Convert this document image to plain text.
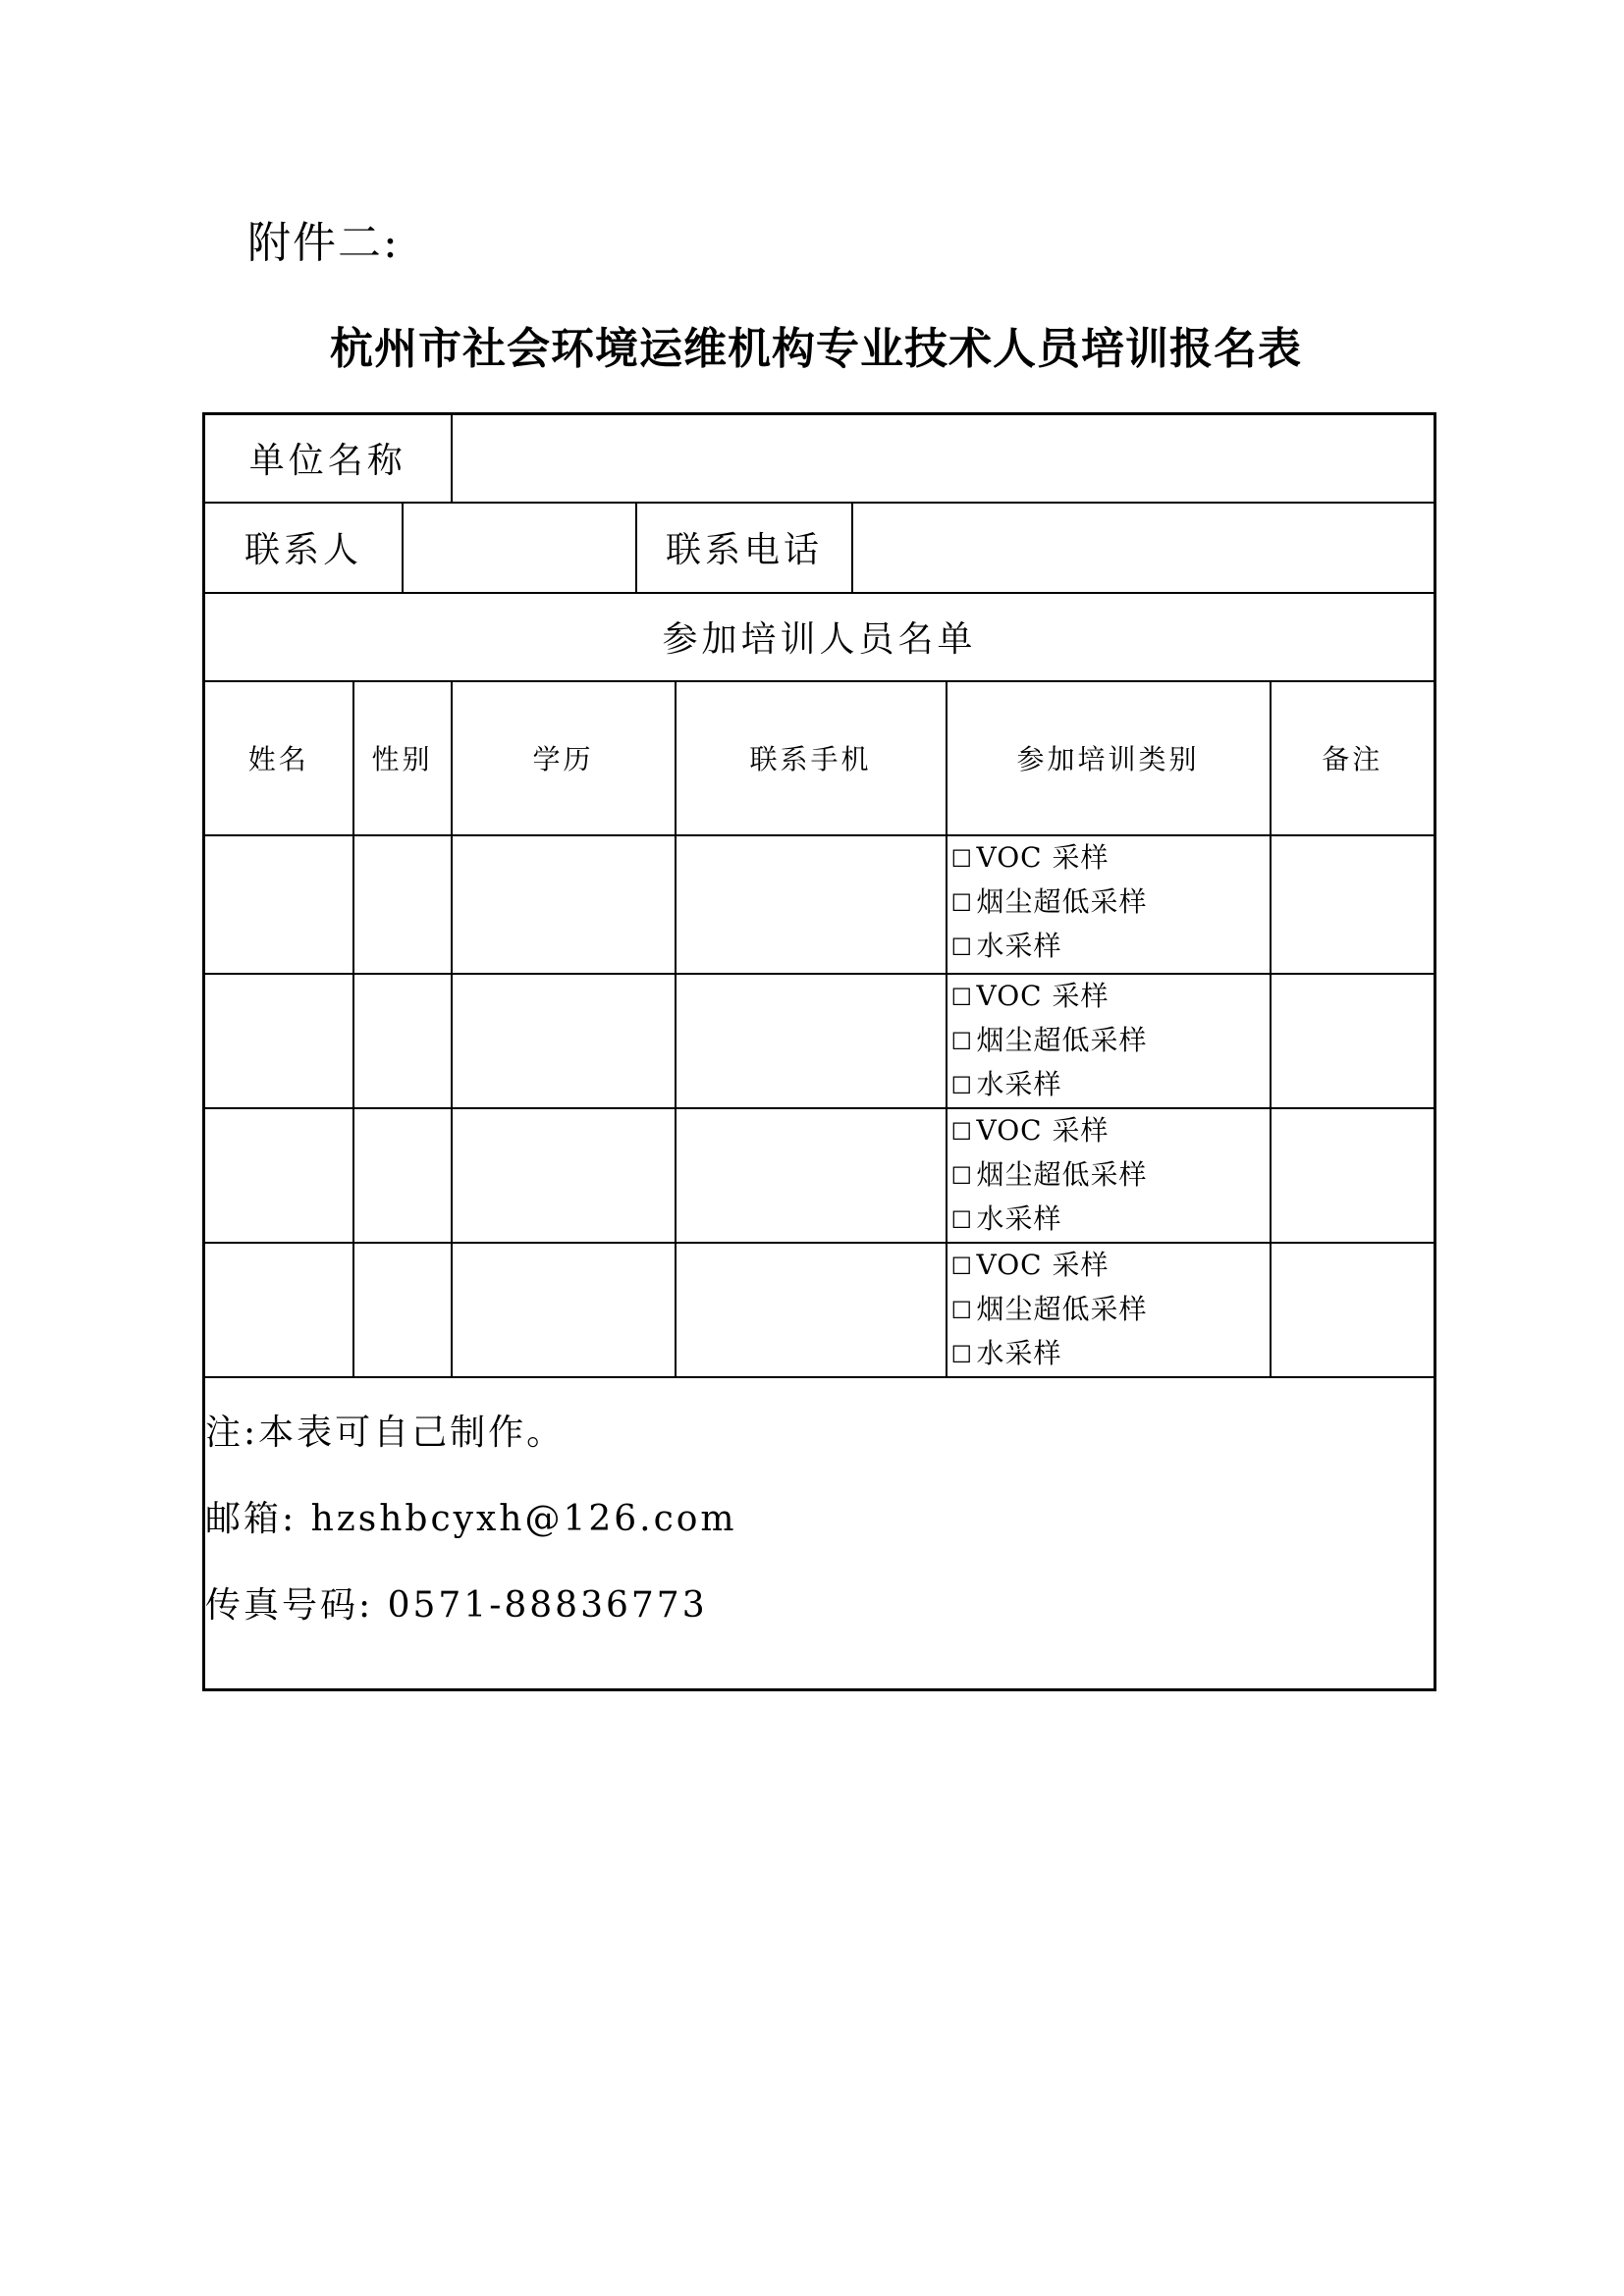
附件二:
杭州市社会环境运维机构专业技术人员培训报名表
单位名称					

联系人 联系电话					

参加培训人员名单					
姓名	性别	学历	联系手机	参加培训类别	备注

				☐ VOC 采样
☐ 烟尘超低采样
☐ 水采样	

				☐ VOC 采样
☐ 烟尘超低采样
☐ 水采样	

				☐ VOC 采样
☐ 烟尘超低采样
☐ 水采样	

				☐ VOC 采样
☐ 烟尘超低采样
☐ 水采样	

注:本表可自己制作。
邮箱: hzshbcyxh@126.com
传真号码: 0571-88836773					
